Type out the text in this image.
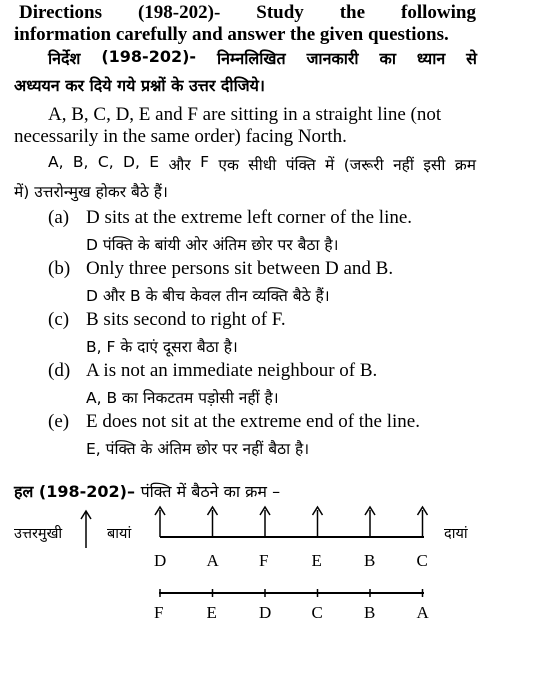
Directions (198-202)- Study the following
information carefully and answer the given questions.
निर्देश (198-202)- निम्नलिखित जानकारी का ध्यान से
अध्ययन कर दिये गये प्रश्नों के उत्तर दीजिये।
A, B, C, D, E and F are sitting in a straight line (not
necessarily in the same order) facing North.
A, B, C, D, E और F एक सीधी पंक्ति में (जरूरी नहीं इसी क्रम
में) उत्तरोन्मुख होकर बैठे हैं।
(a) D sits at the extreme left corner of the line.
D पंक्ति के बांयी ओर अंतिम छोर पर बैठा है।
(b) Only three persons sit between D and B.
D और B के बीच केवल तीन व्यक्ति बैठे हैं।
(c) B sits second to right of F.
B, F के दाएं दूसरा बैठा है।
(d) A is not an immediate neighbour of B.
A, B का निकटतम पड़ोसी नहीं है।
(e) E does not sit at the extreme end of the line.
E, पंक्ति के अंतिम छोर पर नहीं बैठा है।
हल (198-202)– पंक्ति में बैठने का क्रम –
उत्तरमुखी	बायां	दायां
D A F	E B C
F	E D C B A
